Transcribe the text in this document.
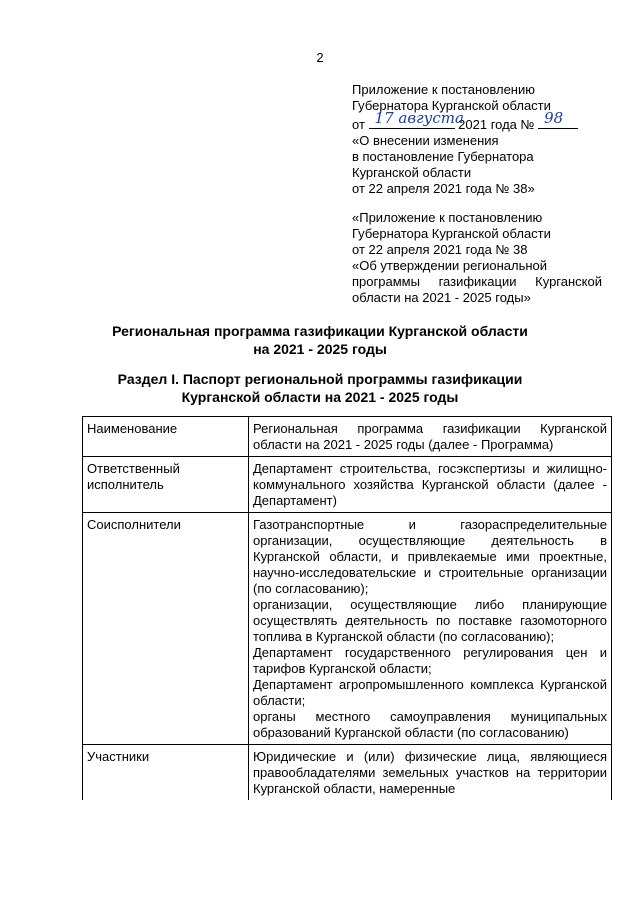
2
Приложение к постановлению
Губернатора Курганской области
от 17 августа
2021 года № 98
«О внесении изменения
в постановление Губернатора
Курганской области
от 22 апреля 2021 года № 38»
«Приложение к постановлению
Губернатора Курганской области
от 22 апреля 2021 года № 38
«Об утверждении региональной
программы газификации Курганской
области на 2021 - 2025 годы»
Региональная программа газификации Курганской области
на 2021 - 2025 годы
Раздел I. Паспорт региональной программы газификации
Курганской области на 2021 - 2025 годы
Наименование	Региональная программа газификации Курганской области на 2021 - 2025 годы (далее - Программа)

Ответственный исполнитель	Департамент строительства, госэкспертизы и жилищно-коммунального хозяйства Курганской области (далее - Департамент)

Соисполнители	Газотранспортные и газораспределительные организации, осуществляющие деятельность в Курганской области, и привлекаемые ими проектные, научно-исследовательские и строительные организации (по согласованию);
организации, осуществляющие либо планирующие осуществлять деятельность по поставке газомоторного топлива в Курганской области (по согласованию);
Департамент государственного регулирования цен и тарифов Курганской области;
Департамент агропромышленного комплекса Курганской области;
органы местного самоуправления муниципальных образований Курганской области (по согласованию)

Участники	Юридические и (или) физические лица, являющиеся правообладателями земельных участков на территории Курганской области, намеренные
